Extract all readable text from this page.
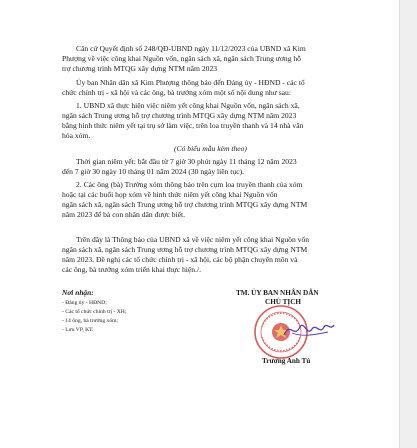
Căn cứ Quyết định số 248/QĐ-UBND ngày 11/12/2023 của UBND xã Kim
Phượng về việc công khai Nguồn vốn, ngân sách xã, ngân sách Trung ương hỗ
trợ chương trình MTQG xây dựng NTM năm 2023
Ủy ban Nhân dân xã Kim Phượng thông báo đến Đảng ủy - HĐND - các tổ
chức chính trị - xã hội và các ông, bà trưởng xóm một số nội dung như sau:
1. UBND xã thực hiện việc niêm yết công khai Nguồn vốn, ngân sách xã,
ngân sách Trung ương hỗ trợ chương trình MTQG xây dựng NTM năm 2023
bằng hình thức niêm yết tại trụ sở làm việc, trên loa truyền thanh và 14 nhà văn
hóa xóm.
(Có biểu mẫu kèm theo)
Thời gian niêm yết: bắt đầu từ 7 giờ 30 phút ngày 11 tháng 12 năm 2023
đến 7 giờ 30 ngày 10 tháng 01 năm 2024 (30 ngày liên tục).
2. Các ông (bà) Trưởng xóm thông báo trên cụm loa truyền thanh của xóm
hoặc tại các buổi họp xóm về hình thức niêm yết công khai Nguồn vốn
ngân sách xã, ngân sách Trung ương hỗ trợ chương trình MTQG xây dựng NTM
năm 2023 để bà con nhân dân được biết.
Trên đây là Thông báo của UBND xã về việc niêm yết công khai Nguồn vốn
ngân sách xã, ngân sách Trung ương hỗ trợ chương trình MTQG xây dựng NTM
năm 2023. Đề nghị các tổ chức chính trị - xã hội, các bộ phận chuyên môn và
các ông, bà trưởng xóm triển khai thực hiện./.
Nơi nhận:
- Đảng ủy - HĐND;
- Các tổ chức chính trị - XH;
- 14 ông, bà trưởng xóm;
- Lưu VP, KT.
TM. ỦY BAN NHÂN DÂN
CHỦ TỊCH
Trương Anh Tú
